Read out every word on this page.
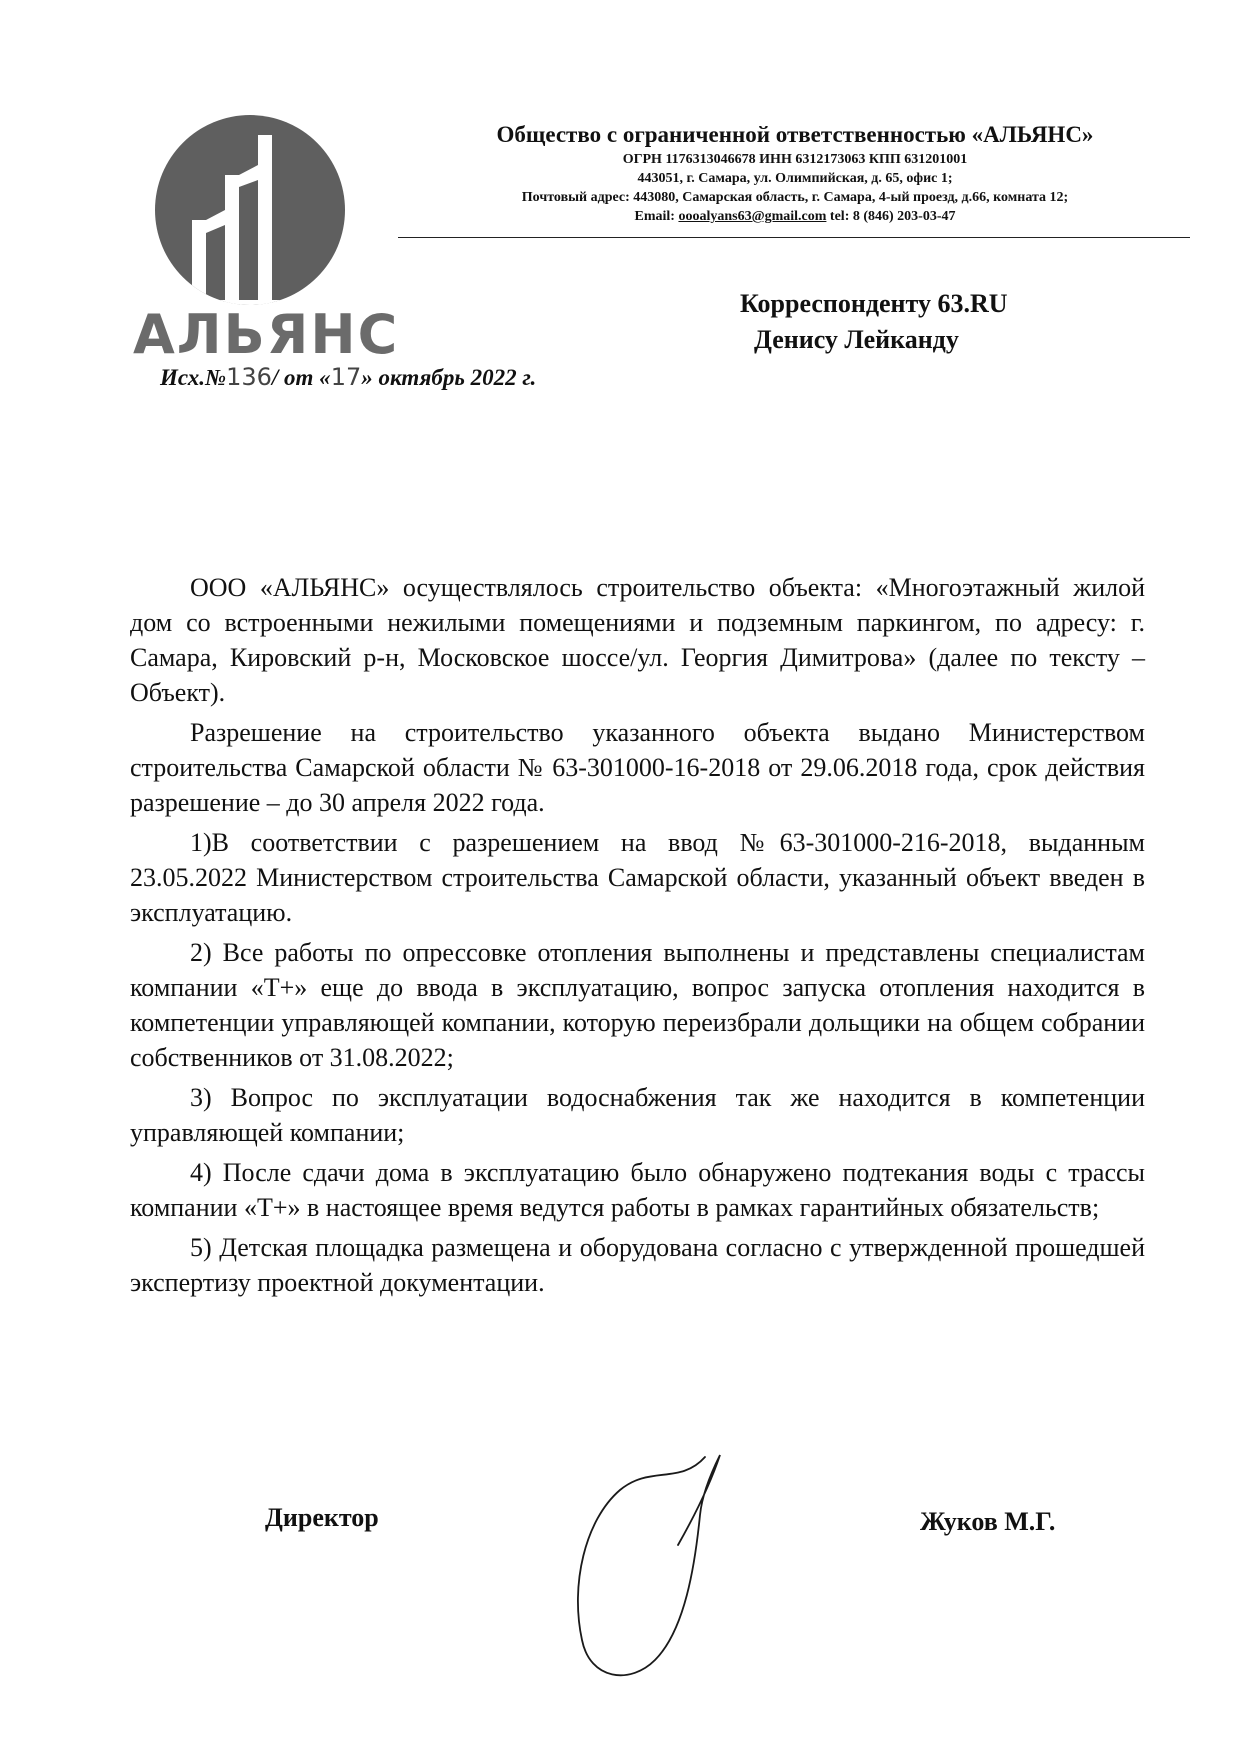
АЛЬЯНС
Общество с ограниченной ответственностью «АЛЬЯНС»
ОГРН 1176313046678 ИНН 6312173063 КПП 631201001
443051, г. Самара, ул. Олимпийская, д. 65, офис 1;
Почтовый адрес: 443080, Самарская область, г. Самара, 4-ый проезд, д.66, комната 12;
Email: oooalyans63@gmail.com tel: 8 (846) 203-03-47
Корреспонденту 63.RU
Денису Лейканду
Исх.№136/ от «17» октябрь 2022 г.

ООО «АЛЬЯНС» осуществлялось строительство объекта: «Многоэтажный жилой дом со встроенными нежилыми помещениями и подземным паркингом, по адресу: г. Самара, Кировский р-н, Московское шоссе/ул. Георгия Димитрова» (далее по тексту – Объект).

Разрешение на строительство указанного объекта выдано Министерством строительства Самарской области № 63-301000-16-2018 от 29.06.2018 года, срок действия разрешение – до 30 апреля 2022 года.

1)В соответствии с разрешением на ввод №63-301000-216-2018, выданным 23.05.2022 Министерством строительства Самарской области, указанный объект введен в эксплуатацию.

2) Все работы по опрессовке отопления выполнены и представлены специалистам компании «Т+» еще до ввода в эксплуатацию, вопрос запуска отопления находится в компетенции управляющей компании, которую переизбрали дольщики на общем собрании собственников от 31.08.2022;

3) Вопрос по эксплуатации водоснабжения так же находится в компетенции управляющей компании;

4) После сдачи дома в эксплуатацию было обнаружено подтекания воды с трассы компании «Т+» в настоящее время ведутся работы в рамках гарантийных обязательств;

5) Детская площадка размещена и оборудована согласно с утвержденной прошедшей экспертизу проектной документации.

Директор	Жуков М.Г.
